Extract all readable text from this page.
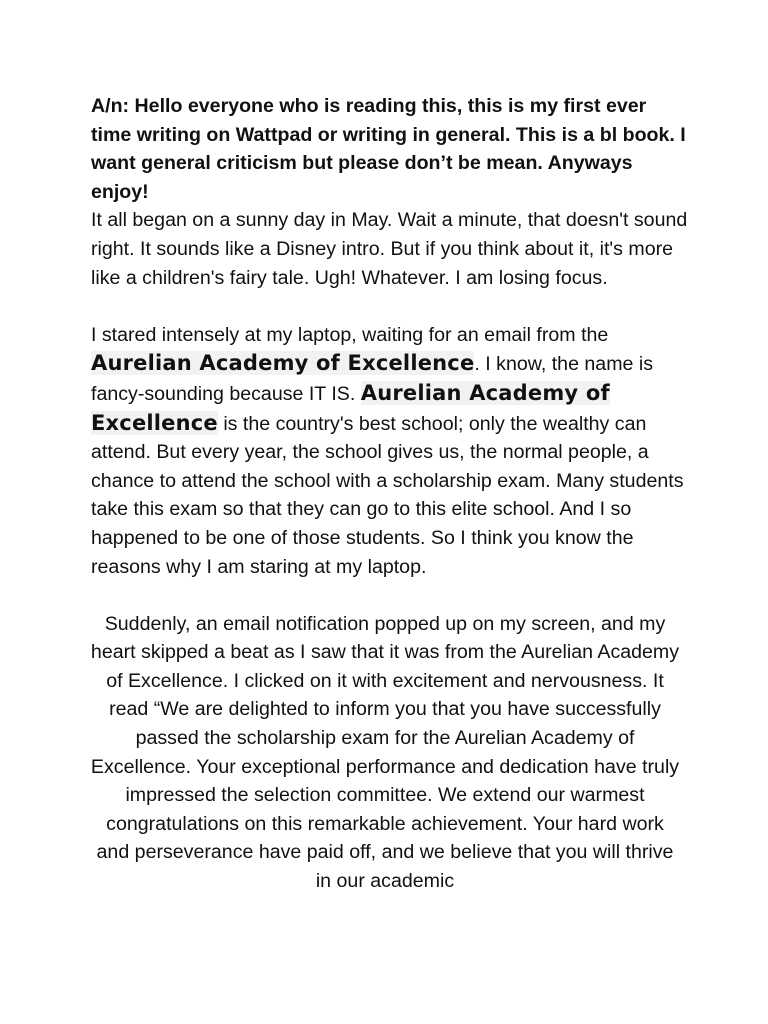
A/n: Hello everyone who is reading this, this is my first ever time writing on Wattpad or writing in general. This is a bl book. I want general criticism but please don’t be mean. Anyways enjoy!

It all began on a sunny day in May. Wait a minute, that doesn't sound right. It sounds like a Disney intro. But if you think about it, it's more like a children's fairy tale. Ugh! Whatever. I am losing focus.

I stared intensely at my laptop, waiting for an email from the Aurelian Academy of Excellence. I know, the name is fancy-sounding because IT IS. Aurelian Academy of Excellence is the country's best school; only the wealthy can attend. But every year, the school gives us, the normal people, a chance to attend the school with a scholarship exam. Many students take this exam so that they can go to this elite school. And I so happened to be one of those students. So I think you know the reasons why I am staring at my laptop.

Suddenly, an email notification popped up on my screen, and my heart skipped a beat as I saw that it was from the Aurelian Academy of Excellence. I clicked on it with excitement and nervousness. It read “We are delighted to inform you that you have successfully passed the scholarship exam for the Aurelian Academy of Excellence. Your exceptional performance and dedication have truly impressed the selection committee. We extend our warmest congratulations on this remarkable achievement. Your hard work and perseverance have paid off, and we believe that you will thrive in our academic
